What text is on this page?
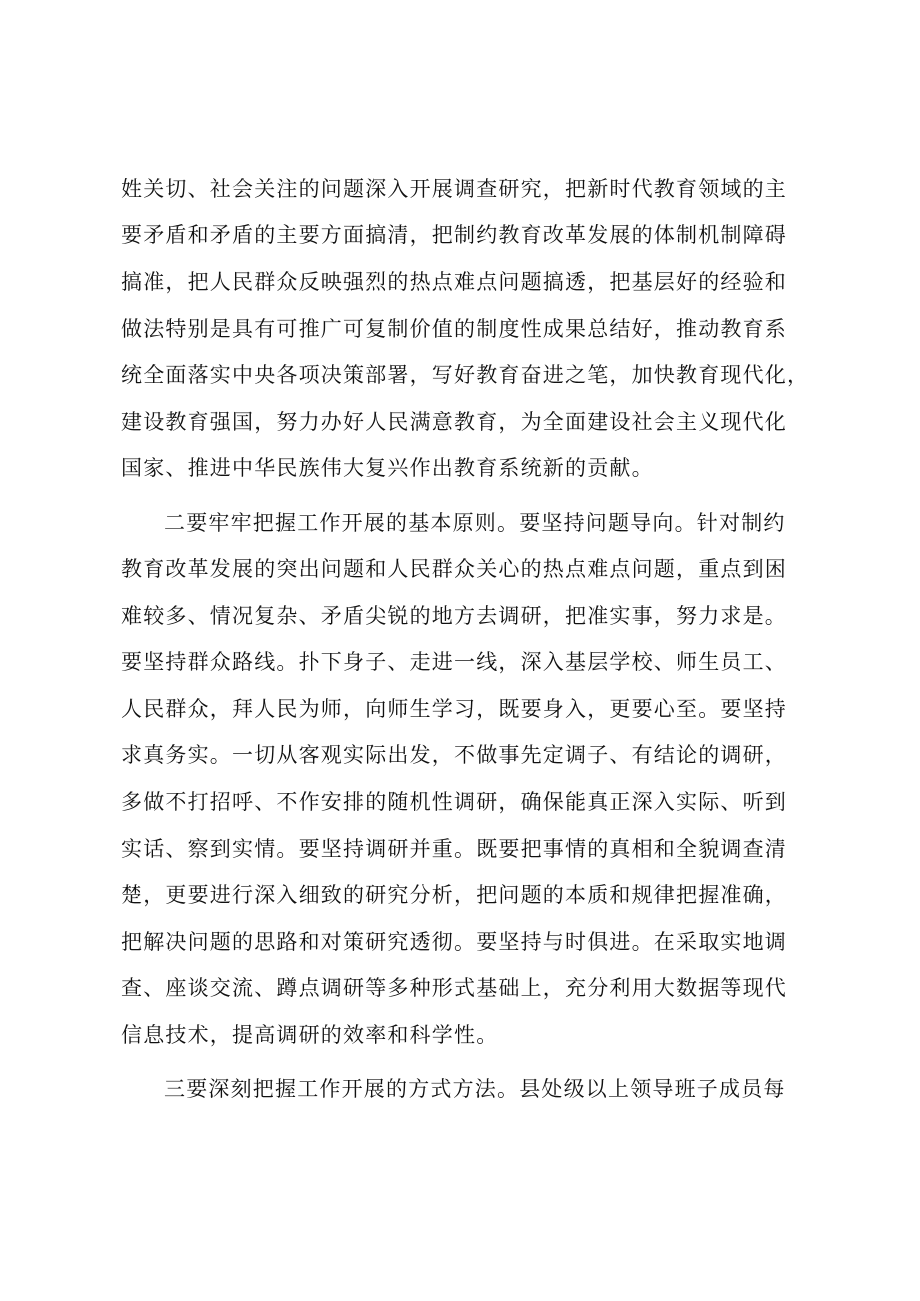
姓关切、社会关注的问题深入开展调查研究，把新时代教育领域的主

要矛盾和矛盾的主要方面搞清，把制约教育改革发展的体制机制障碍

搞准，把人民群众反映强烈的热点难点问题搞透，把基层好的经验和

做法特别是具有可推广可复制价值的制度性成果总结好，推动教育系

统全面落实中央各项决策部署，写好教育奋进之笔，加快教育现代化，

建设教育强国，努力办好人民满意教育，为全面建设社会主义现代化

国家、推进中华民族伟大复兴作出教育系统新的贡献。

二要牢牢把握工作开展的基本原则。要坚持问题导向。针对制约

教育改革发展的突出问题和人民群众关心的热点难点问题，重点到困

难较多、情况复杂、矛盾尖锐的地方去调研，把准实事，努力求是。

要坚持群众路线。扑下身子、走进一线，深入基层学校、师生员工、

人民群众，拜人民为师，向师生学习，既要身入，更要心至。要坚持

求真务实。一切从客观实际出发，不做事先定调子、有结论的调研，

多做不打招呼、不作安排的随机性调研，确保能真正深入实际、听到

实话、察到实情。要坚持调研并重。既要把事情的真相和全貌调查清

楚，更要进行深入细致的研究分析，把问题的本质和规律把握准确，

把解决问题的思路和对策研究透彻。要坚持与时俱进。在采取实地调

查、座谈交流、蹲点调研等多种形式基础上，充分利用大数据等现代

信息技术，提高调研的效率和科学性。

三要深刻把握工作开展的方式方法。县处级以上领导班子成员每
